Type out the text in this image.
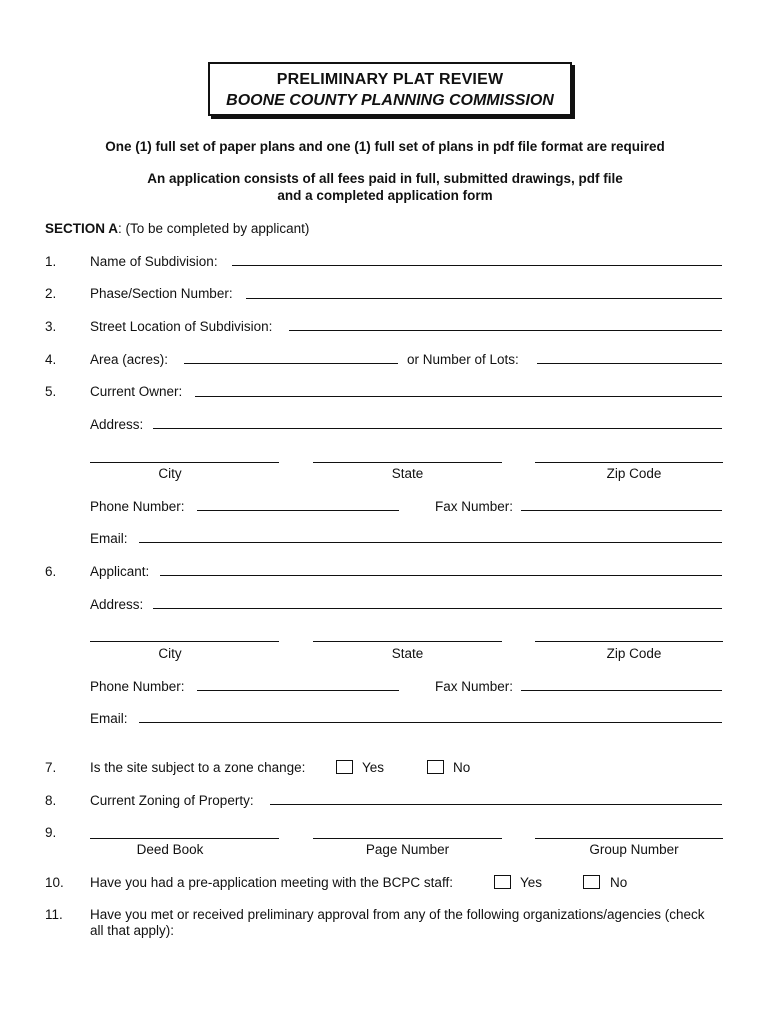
PRELIMINARY PLAT REVIEW
BOONE COUNTY PLANNING COMMISSION
One (1) full set of paper plans and one (1) full set of plans in pdf file format are required
An application consists of all fees paid in full, submitted drawings, pdf file
and a completed application form
SECTION A: (To be completed by applicant)
1. Name of Subdivision:
2. Phase/Section Number:
3. Street Location of Subdivision:
4. Area (acres):	or Number of Lots:
5. Current Owner:
Address:
City	State	Zip Code
Phone Number:	Fax Number:
Email:
6. Applicant:
Address:
City	State	Zip Code
Phone Number:	Fax Number:
Email:
7. Is the site subject to a zone change:	Yes	No
8. Current Zoning of Property:
9.
Deed Book	Page Number	Group Number
10. Have you had a pre-application meeting with the BCPC staff:	Yes	No
11. Have you met or received preliminary approval from any of the following organizations/agencies (check
all that apply):
